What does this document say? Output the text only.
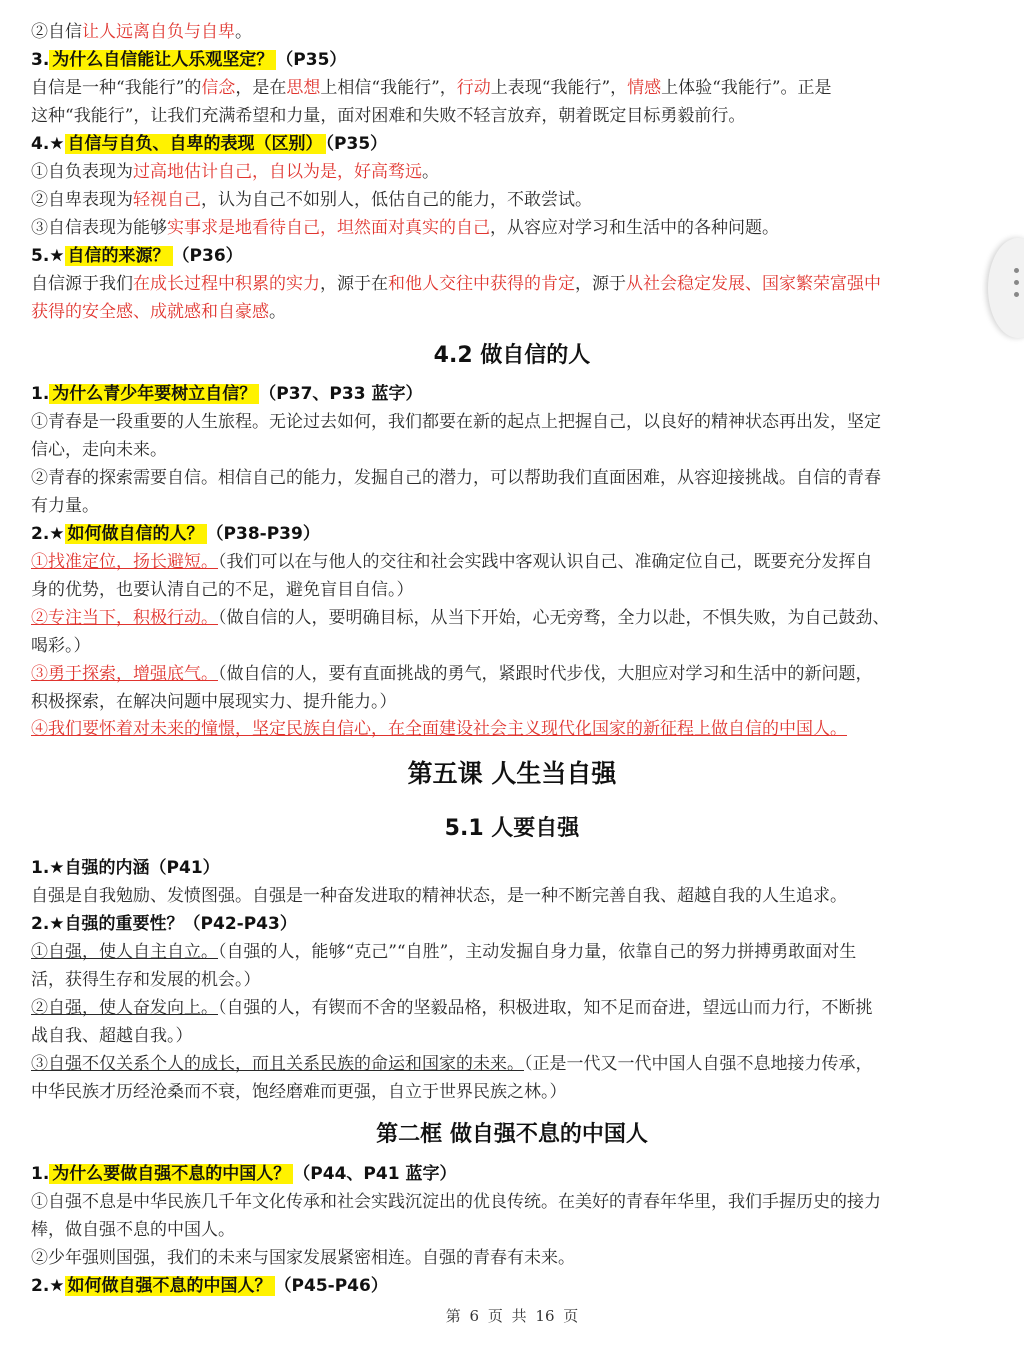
②自信让人远离自负与自卑。
3. 为什么自信能让人乐观坚定？ （P35）
自信是一种“我能行”的信念，是在思想上相信“我能行”，行动上表现“我能行”，情感上体验“我能行”。正是
这种“我能行”，让我们充满希望和力量，面对困难和失败不轻言放弃，朝着既定目标勇毅前行。
4.★ 自信与自负、自卑的表现（区别） （P35）
①自负表现为过高地估计自己，自以为是，好高骛远。
②自卑表现为轻视自己，认为自己不如别人，低估自己的能力，不敢尝试。
③自信表现为能够实事求是地看待自己，坦然面对真实的自己，从容应对学习和生活中的各种问题。
5.★ 自信的来源？ （P36）
自信源于我们在成长过程中积累的实力，源于在和他人交往中获得的肯定，源于从社会稳定发展、国家繁荣富强中
获得的安全感、成就感和自豪感。
4.2 做自信的人
1. 为什么青少年要树立自信？ （P37、P33 蓝字）
①青春是一段重要的人生旅程。无论过去如何，我们都要在新的起点上把握自己，以良好的精神状态再出发，坚定
信心，走向未来。
②青春的探索需要自信。相信自己的能力，发掘自己的潜力，可以帮助我们直面困难，从容迎接挑战。自信的青春
有力量。
2.★ 如何做自信的人？ （P38-P39）
①找准定位，扬长避短。（我们可以在与他人的交往和社会实践中客观认识自己、准确定位自己，既要充分发挥自
身的优势，也要认清自己的不足，避免盲目自信。）
②专注当下，积极行动。（做自信的人，要明确目标，从当下开始，心无旁骛，全力以赴，不惧失败，为自己鼓劲、
喝彩。）
③勇于探索，增强底气。（做自信的人，要有直面挑战的勇气，紧跟时代步伐，大胆应对学习和生活中的新问题，
积极探索，在解决问题中展现实力、提升能力。）
④我们要怀着对未来的憧憬，坚定民族自信心，在全面建设社会主义现代化国家的新征程上做自信的中国人。
第五课 人生当自强
5.1 人要自强
1.★自强的内涵（P41）
自强是自我勉励、发愤图强。自强是一种奋发进取的精神状态，是一种不断完善自我、超越自我的人生追求。
2.★自强的重要性？（P42-P43）
①自强，使人自主自立。（自强的人，能够“克己”“自胜”，主动发掘自身力量，依靠自己的努力拼搏勇敢面对生
活，获得生存和发展的机会。）
②自强，使人奋发向上。（自强的人，有锲而不舍的坚毅品格，积极进取，知不足而奋进，望远山而力行，不断挑
战自我、超越自我。）
③自强不仅关系个人的成长，而且关系民族的命运和国家的未来。（正是一代又一代中国人自强不息地接力传承，
中华民族才历经沧桑而不衰，饱经磨难而更强，自立于世界民族之林。）
第二框 做自强不息的中国人
1. 为什么要做自强不息的中国人？ （P44、P41 蓝字）
①自强不息是中华民族几千年文化传承和社会实践沉淀出的优良传统。在美好的青春年华里，我们手握历史的接力
棒，做自强不息的中国人。
②少年强则国强，我们的未来与国家发展紧密相连。自强的青春有未来。
2.★ 如何做自强不息的中国人？ （P45-P46）
第 6 页 共 16 页
